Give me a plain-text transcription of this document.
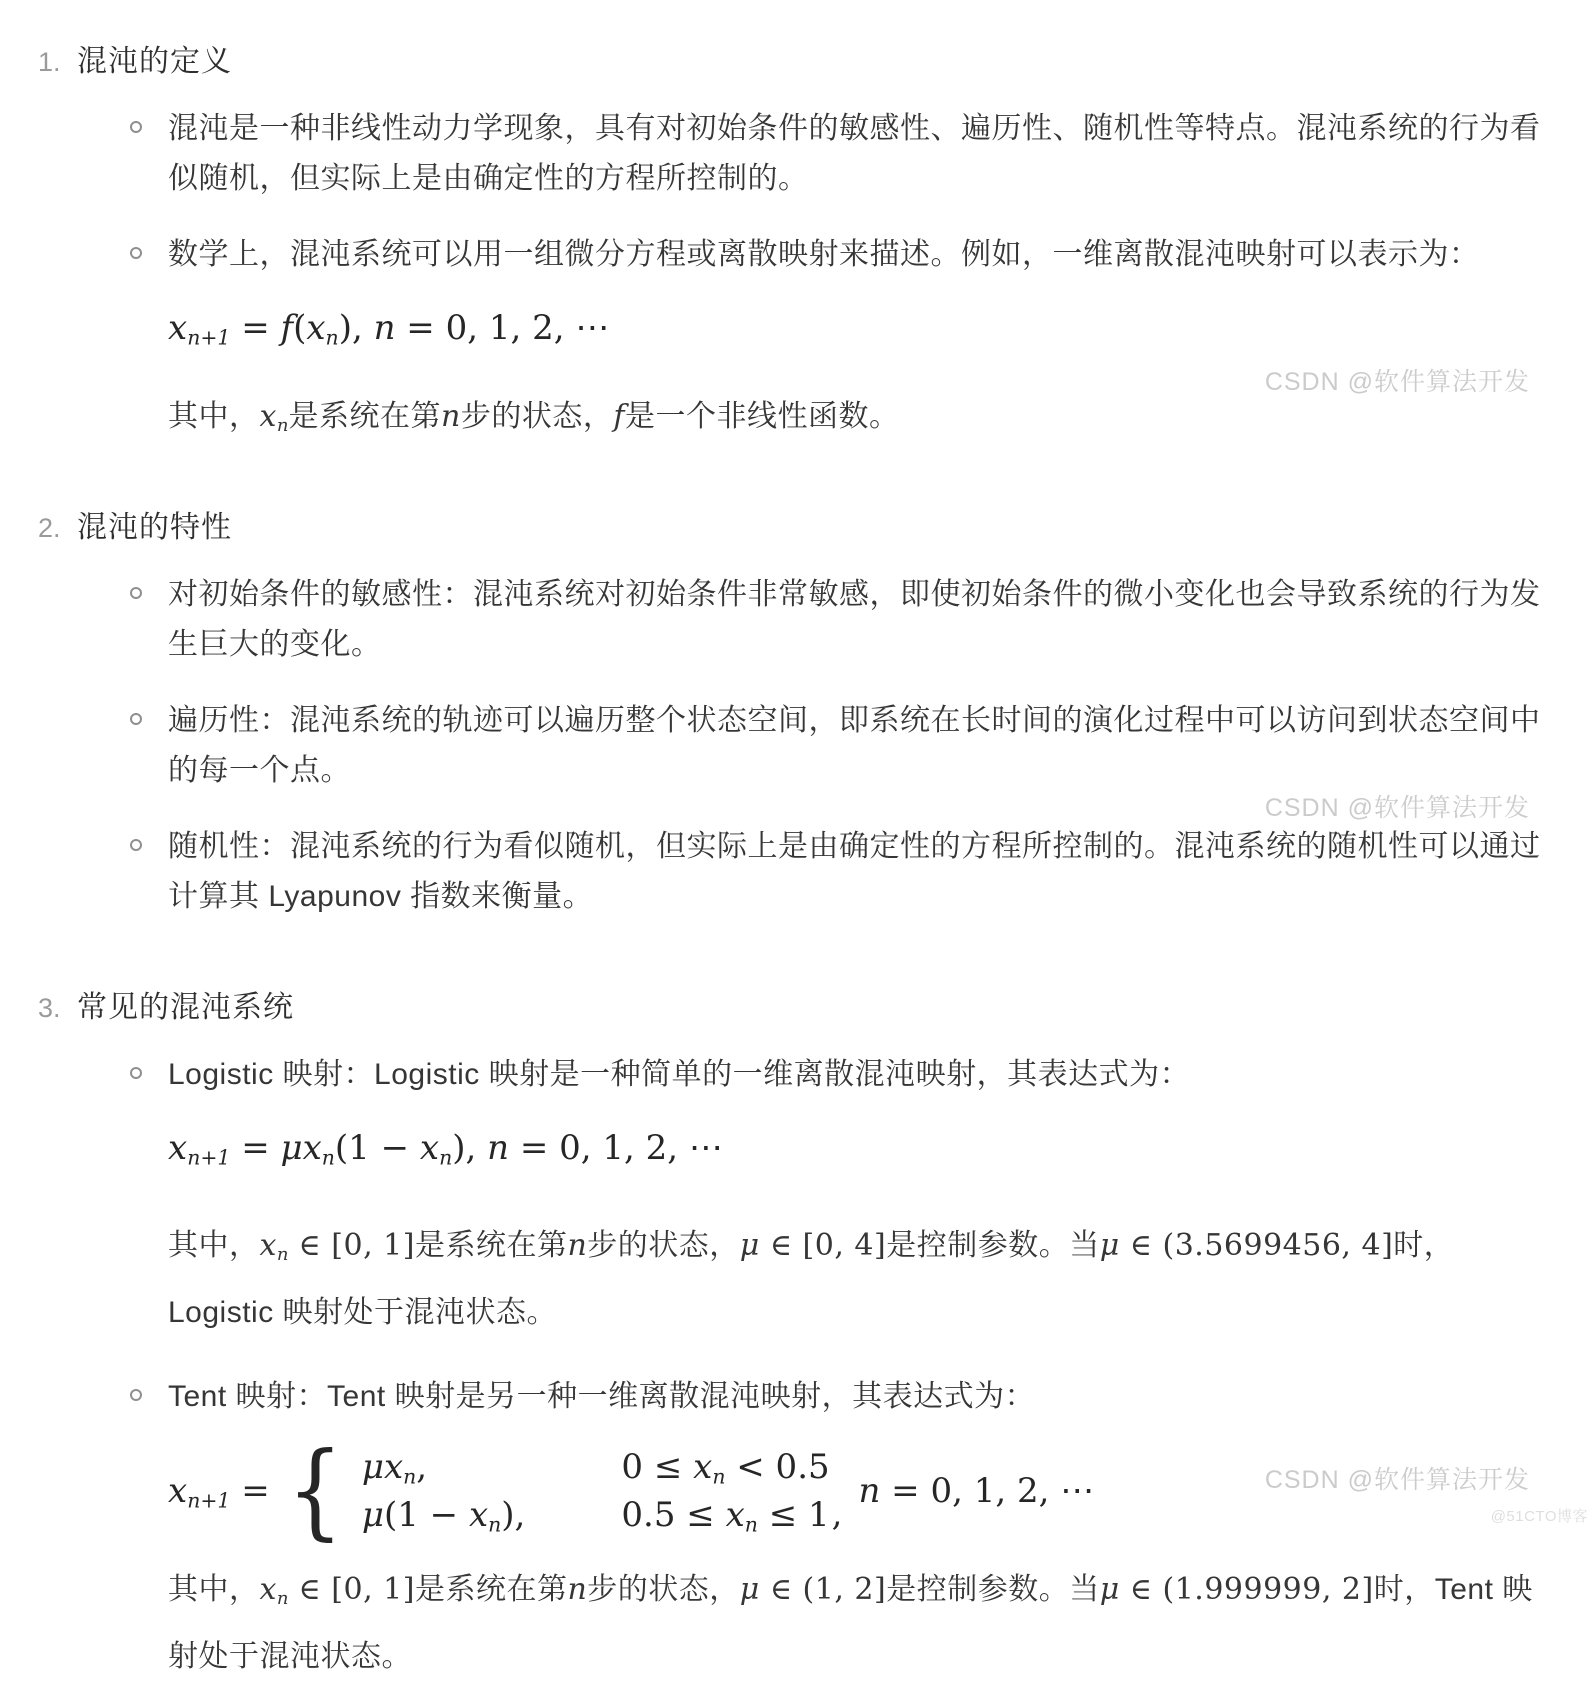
1. 混沌的定义

混沌是一种非线性动力学现象，具有对初始条件的敏感性、遍历性、随机性等特点。混沌系统的行为看似随机，但实际上是由确定性的方程所控制的。

数学上，混沌系统可以用一组微分方程或离散映射来描述。例如，一维离散混沌映射可以表示为：

$x_{n+1} = f(x_n)$, n = 0, 1, 2, ⋯

其中，$x_n$是系统在第n步的状态，f是一个非线性函数。

2. 混沌的特性

对初始条件的敏感性：混沌系统对初始条件非常敏感，即使初始条件的微小变化也会导致系统的行为发生巨大的变化。

遍历性：混沌系统的轨迹可以遍历整个状态空间，即系统在长时间的演化过程中可以访问到状态空间中的每一个点。

随机性：混沌系统的行为看似随机，但实际上是由确定性的方程所控制的。混沌系统的随机性可以通过计算其 Lyapunov 指数来衡量。

3. 常见的混沌系统

Logistic 映射：Logistic 映射是一种简单的一维离散混沌映射，其表达式为：

$x_{n+1} = \mu x_n(1 - x_n)$, n = 0, 1, 2, ⋯

其中，$x_n$ ∈ [0, 1]是系统在第n步的状态，μ ∈ [0, 4]是控制参数。当μ ∈ (3.5699456, 4]时，Logistic 映射处于混沌状态。

Tent 映射：Tent 映射是另一种一维离散混沌映射，其表达式为：

$x_{n+1}$ = { $\mu x_n$,	$0 \le x_n < 0.5$
$\mu(1 - x_n)$,	$0.5 \le x_n \le 1$ ,
n = 0, 1, 2, ⋯

其中，$x_n$ ∈ [0, 1]是系统在第n步的状态，μ ∈ (1, 2]是控制参数。当μ ∈ (1.999999, 2]时，Tent 映射处于混沌状态。

CSDN @软件算法开发
CSDN @软件算法开发
CSDN @软件算法开发
@51CTO博客
